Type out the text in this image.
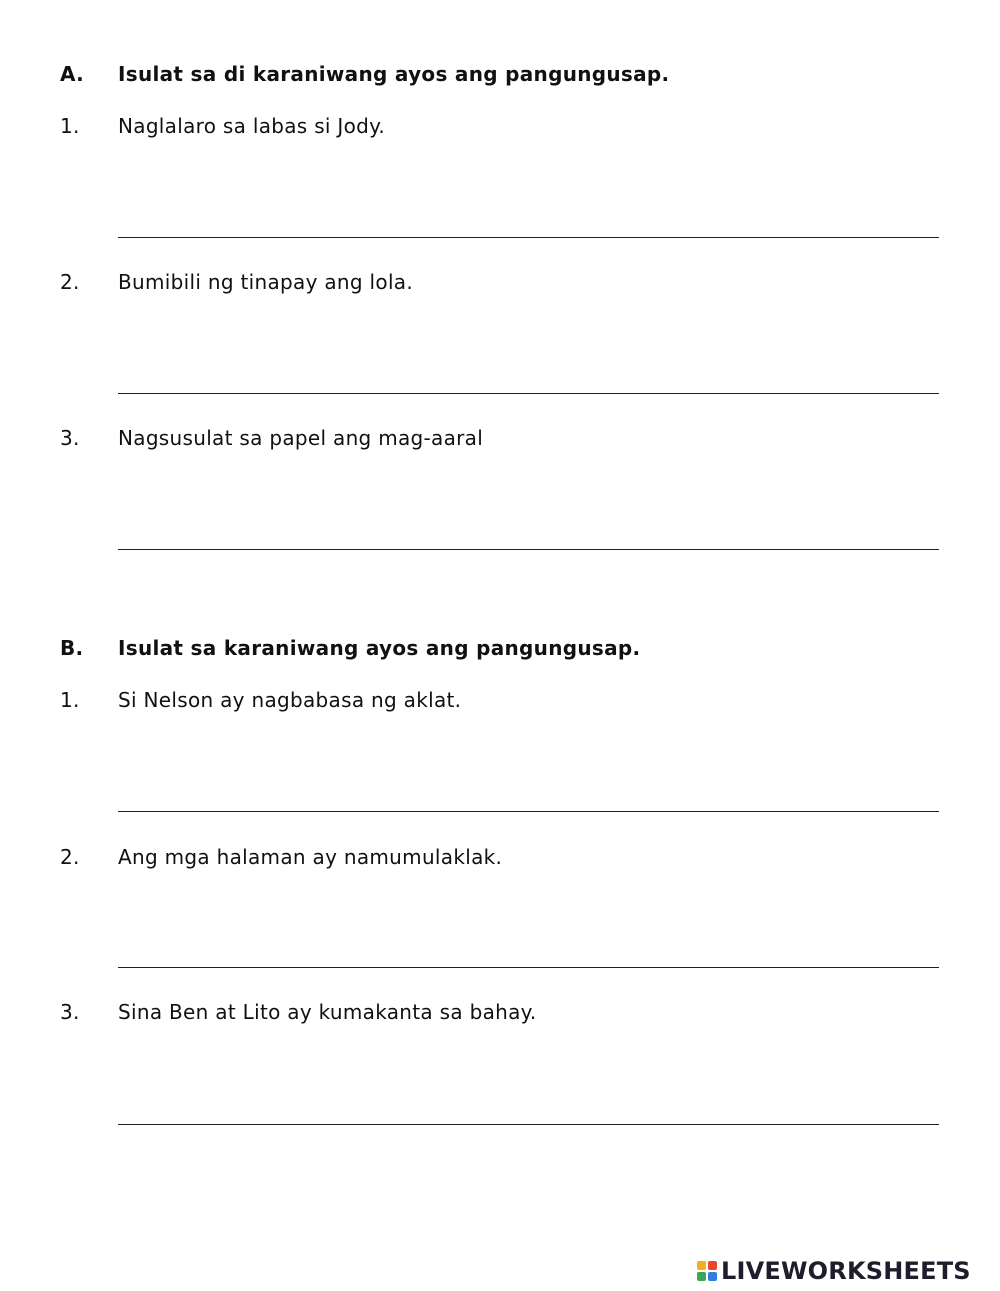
A.	Isulat sa di karaniwang ayos ang pangungusap.
1.	Naglalaro sa labas si Jody.
2.	Bumibili ng tinapay ang lola.
3.	Nagsusulat sa papel ang mag-aaral
B.	Isulat sa karaniwang ayos ang pangungusap.
1.	Si Nelson ay nagbabasa ng aklat.
2.	Ang mga halaman ay namumulaklak.
3.	Sina Ben at Lito ay kumakanta sa bahay.
LIVEWORKSHEETS
